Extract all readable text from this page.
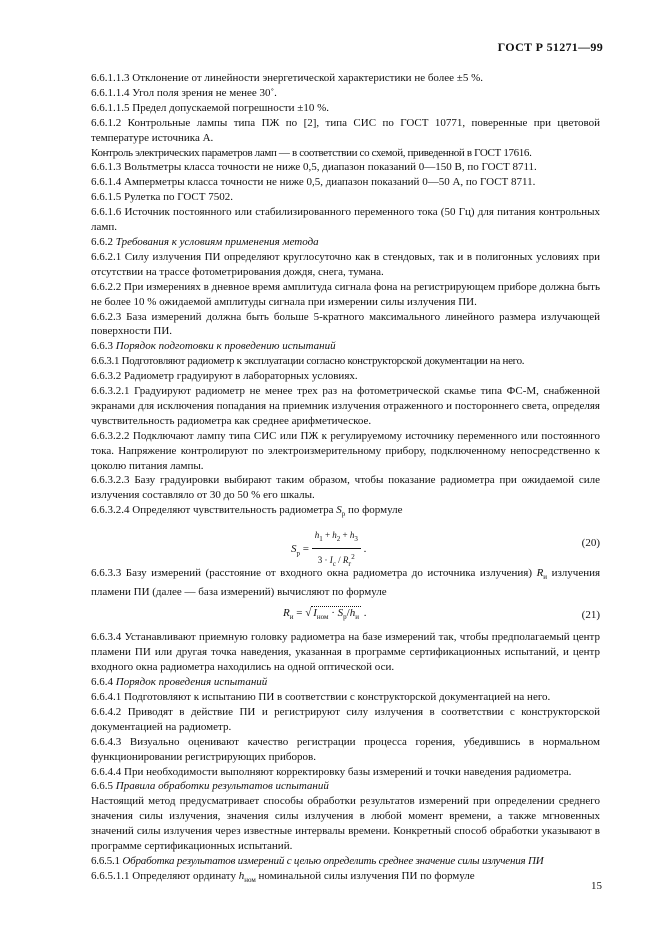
ГОСТ Р 51271—99

6.6.1.1.3 Отклонение от линейности энергетической характеристики не более ±5 %.

6.6.1.1.4 Угол поля зрения не менее 30˚.

6.6.1.1.5 Предел допускаемой погрешности ±10 %.

6.6.1.2 Контрольные лампы типа ПЖ по [2], типа СИС по ГОСТ 10771, поверенные при цветовой температуре источника А.

Контроль электрических параметров ламп — в соответствии со схемой, приведенной в ГОСТ 17616.

6.6.1.3 Вольтметры класса точности не ниже 0,5, диапазон показаний 0—150 В, по ГОСТ 8711.

6.6.1.4 Амперметры класса точности не ниже 0,5, диапазон показаний 0—50 А, по ГОСТ 8711.

6.6.1.5 Рулетка по ГОСТ 7502.

6.6.1.6 Источник постоянного или стабилизированного переменного тока (50 Гц) для питания контрольных ламп.

6.6.2 Требования к условиям применения метода

6.6.2.1 Силу излучения ПИ определяют круглосуточно как в стендовых, так и в полигонных условиях при отсутствии на трассе фотометрирования дождя, снега, тумана.

6.6.2.2 При измерениях в дневное время амплитуда сигнала фона на регистрирующем приборе должна быть не более 10 % ожидаемой амплитуды сигнала при измерении силы излучения ПИ.

6.6.2.3 База измерений должна быть больше 5-кратного максимального линейного размера излучающей поверхности ПИ.

6.6.3 Порядок подготовки к проведению испытаний

6.6.3.1 Подготовляют радиометр к эксплуатации согласно конструкторской документации на него.

6.6.3.2 Радиометр градуируют в лабораторных условиях.

6.6.3.2.1 Градуируют радиометр не менее трех раз на фотометрической скамье типа ФС-М, снабженной экранами для исключения попадания на приемник излучения отраженного и постороннего света, определяя чувствительность радиометра как среднее арифметическое.

6.6.3.2.2 Подключают лампу типа СИС или ПЖ к регулируемому источнику переменного или постоянного тока. Напряжение контролируют по электроизмерительному прибору, подключенному непосредственно к цоколю питания лампы.

6.6.3.2.3 Базу градуировки выбирают таким образом, чтобы показание радиометра при ожидаемой силе излучения составляло от 30 до 50 % его шкалы.

6.6.3.2.4 Определяют чувствительность радиометра $S_р$ по формуле

$S_р = \frac{h_1 + h_2 + h_3}{3 \cdot I_c / R_г^2}$ .
(20)

6.6.3.3 Базу измерений (расстояние от входного окна радиометра до источника излучения) $R_и$ излучения пламени ПИ (далее — база измерений) вычисляют по формуле

$R_и$ = √ $I_{ном} \cdot S_р/h_и$ .	(21)

6.6.3.4 Устанавливают приемную головку радиометра на базе измерений так, чтобы предполагаемый центр пламени ПИ или другая точка наведения, указанная в программе сертификационных испытаний, и центр входного окна радиометра находились на одной оптической оси.

6.6.4 Порядок проведения испытаний

6.6.4.1 Подготовляют к испытанию ПИ в соответствии с конструкторской документацией на него.

6.6.4.2 Приводят в действие ПИ и регистрируют силу излучения в соответствии с конструкторской документацией на радиометр.

6.6.4.3 Визуально оценивают качество регистрации процесса горения, убедившись в нормальном функционировании регистрирующих приборов.

6.6.4.4 При необходимости выполняют корректировку базы измерений и точки наведения радиометра.

6.6.5 Правила обработки результатов испытаний

Настоящий метод предусматривает способы обработки результатов измерений при определении среднего значения силы излучения, значения силы излучения в любой момент времени, а также мгновенных значений силы излучения через известные интервалы времени. Конкретный способ обработки указывают в программе сертификационных испытаний.

6.6.5.1 Обработка результатов измерений с целью определить среднее значение силы излучения ПИ

6.6.5.1.1 Определяют ординату $h_{ном}$ номинальной силы излучения ПИ по формуле

15
